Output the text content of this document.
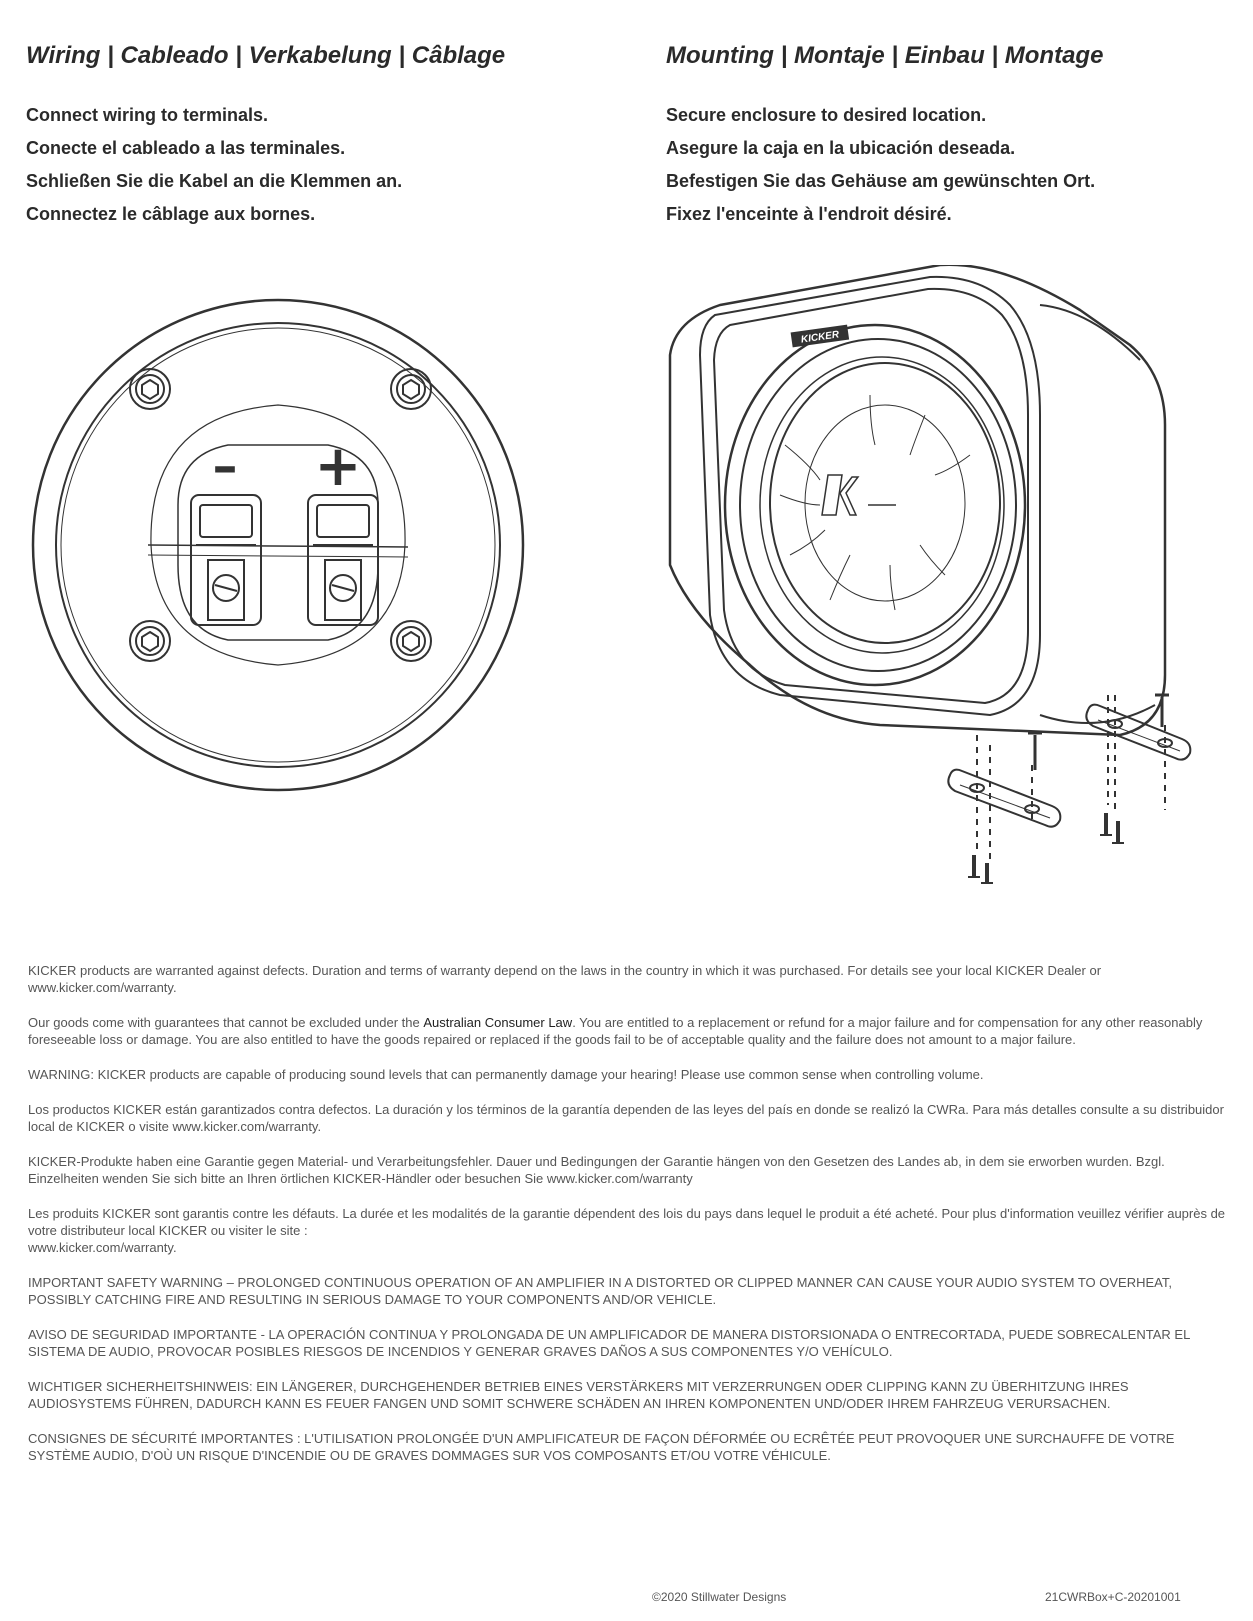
Wiring | Cableado | Verkabelung | Câblage	Mounting | Montaje | Einbau | Montage
Connect wiring to terminals.
Conecte el cableado a las terminales.
Schließen Sie die Kabel an die Klemmen an.
Connectez le câblage aux bornes.
Secure enclosure to desired location.
Asegure la caja en la ubicación deseada.
Befestigen Sie das Gehäuse am gewünschten Ort.
Fixez l'enceinte à l'endroit désiré.
– +
KICKER

KICKER products are warranted against defects. Duration and terms of warranty depend on the laws in the country in which it was purchased. For details see your local KICKER Dealer or www.kicker.com/warranty.

Our goods come with guarantees that cannot be excluded under the Australian Consumer Law. You are entitled to a replacement or refund for a major failure and for compensation for any other reasonably foreseeable loss or damage. You are also entitled to have the goods repaired or replaced if the goods fail to be of acceptable quality and the failure does not amount to a major failure.

WARNING: KICKER products are capable of producing sound levels that can permanently damage your hearing! Please use common sense when controlling volume.

Los productos KICKER están garantizados contra defectos. La duración y los términos de la garantía dependen de las leyes del país en donde se realizó la CWRa. Para más detalles consulte a su distribuidor local de KICKER o visite www.kicker.com/warranty.

KICKER-Produkte haben eine Garantie gegen Material- und Verarbeitungsfehler. Dauer und Bedingungen der Garantie hängen von den Gesetzen des Landes ab, in dem sie erworben wurden. Bzgl. Einzelheiten wenden Sie sich bitte an Ihren örtlichen KICKER-Händler oder besuchen Sie www.kicker.com/warranty

Les produits KICKER sont garantis contre les défauts. La durée et les modalités de la garantie dépendent des lois du pays dans lequel le produit a été acheté. Pour plus d'information veuillez vérifier auprès de votre distributeur local KICKER ou visiter le site :
www.kicker.com/warranty.

IMPORTANT SAFETY WARNING – PROLONGED CONTINUOUS OPERATION OF AN AMPLIFIER IN A DISTORTED OR CLIPPED MANNER CAN CAUSE YOUR AUDIO SYSTEM TO OVERHEAT, POSSIBLY CATCHING FIRE AND RESULTING IN SERIOUS DAMAGE TO YOUR COMPONENTS AND/OR VEHICLE.

AVISO DE SEGURIDAD IMPORTANTE - LA OPERACIÓN CONTINUA Y PROLONGADA DE UN AMPLIFICADOR DE MANERA DISTORSIONADA O ENTRECORTADA, PUEDE SOBRECALENTAR EL SISTEMA DE AUDIO, PROVOCAR POSIBLES RIESGOS DE INCENDIOS Y GENERAR GRAVES DAÑOS A SUS COMPONENTES Y/O VEHÍCULO.

WICHTIGER SICHERHEITSHINWEIS: EIN LÄNGERER, DURCHGEHENDER BETRIEB EINES VERSTÄRKERS MIT VERZERRUNGEN ODER CLIPPING KANN ZU ÜBERHITZUNG IHRES AUDIOSYSTEMS FÜHREN, DADURCH KANN ES FEUER FANGEN UND SOMIT SCHWERE SCHÄDEN AN IHREN KOMPONENTEN UND/ODER IHREM FAHRZEUG VERURSACHEN.

CONSIGNES DE SÉCURITÉ IMPORTANTES : L'UTILISATION PROLONGÉE D'UN AMPLIFICATEUR DE FAÇON DÉFORMÉE OU ECRÊTÉE PEUT PROVOQUER UNE SURCHAUFFE DE VOTRE SYSTÈME AUDIO, D'OÙ UN RISQUE D'INCENDIE OU DE GRAVES DOMMAGES SUR VOS COMPOSANTS ET/OU VOTRE VÉHICULE.

©2020 Stillwater Designs	21CWRBox+C-20201001
